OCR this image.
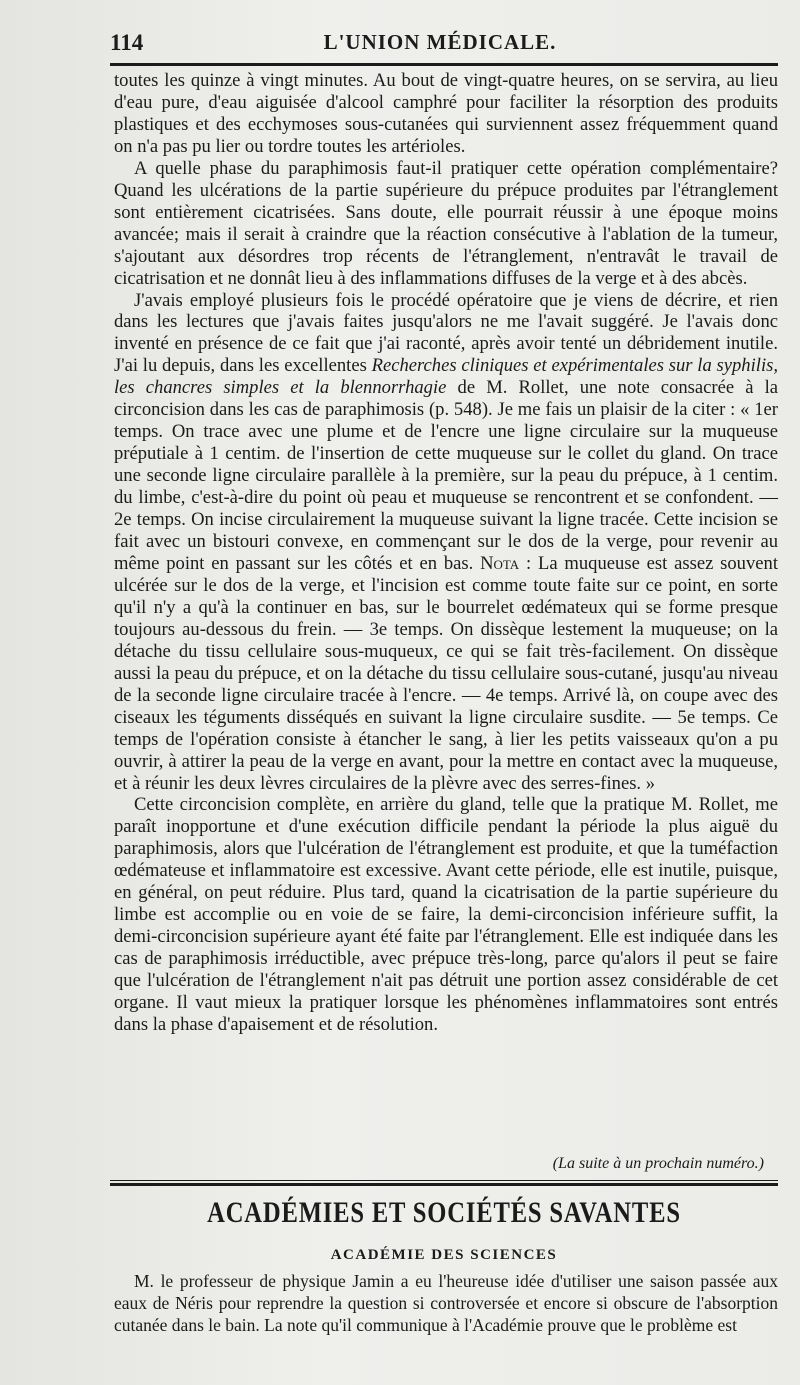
114	L'UNION MÉDICALE.

toutes les quinze à vingt minutes. Au bout de vingt-quatre heures, on se servira, au lieu d'eau pure, d'eau aiguisée d'alcool camphré pour faciliter la résorption des produits plastiques et des ecchymoses sous-cutanées qui surviennent assez fréquemment quand on n'a pas pu lier ou tordre toutes les artérioles.

A quelle phase du paraphimosis faut-il pratiquer cette opération complémentaire? Quand les ulcérations de la partie supérieure du prépuce produites par l'étranglement sont entièrement cicatrisées. Sans doute, elle pourrait réussir à une époque moins avancée; mais il serait à craindre que la réaction consécutive à l'ablation de la tumeur, s'ajoutant aux désordres trop récents de l'étranglement, n'entravât le travail de cicatrisation et ne donnât lieu à des inflammations diffuses de la verge et à des abcès.

J'avais employé plusieurs fois le procédé opératoire que je viens de décrire, et rien dans les lectures que j'avais faites jusqu'alors ne me l'avait suggéré. Je l'avais donc inventé en présence de ce fait que j'ai raconté, après avoir tenté un débridement inutile. J'ai lu depuis, dans les excellentes Recherches cliniques et expérimentales sur la syphilis, les chancres simples et la blennorrhagie de M. Rollet, une note consacrée à la circoncision dans les cas de paraphimosis (p. 548). Je me fais un plaisir de la citer : « 1er temps. On trace avec une plume et de l'encre une ligne circulaire sur la muqueuse préputiale à 1 centim. de l'insertion de cette muqueuse sur le collet du gland. On trace une seconde ligne circulaire parallèle à la première, sur la peau du prépuce, à 1 centim. du limbe, c'est-à-dire du point où peau et muqueuse se rencontrent et se confondent. — 2e temps. On incise circulairement la muqueuse suivant la ligne tracée. Cette incision se fait avec un bistouri convexe, en commençant sur le dos de la verge, pour revenir au même point en passant sur les côtés et en bas. Nota : La muqueuse est assez souvent ulcérée sur le dos de la verge, et l'incision est comme toute faite sur ce point, en sorte qu'il n'y a qu'à la continuer en bas, sur le bourrelet œdémateux qui se forme presque toujours au-dessous du frein. — 3e temps. On dissèque lestement la muqueuse; on la détache du tissu cellulaire sous-muqueux, ce qui se fait très-facilement. On dissèque aussi la peau du prépuce, et on la détache du tissu cellulaire sous-cutané, jusqu'au niveau de la seconde ligne circulaire tracée à l'encre. — 4e temps. Arrivé là, on coupe avec des ciseaux les téguments disséqués en suivant la ligne circulaire susdite. — 5e temps. Ce temps de l'opération consiste à étancher le sang, à lier les petits vaisseaux qu'on a pu ouvrir, à attirer la peau de la verge en avant, pour la mettre en contact avec la muqueuse, et à réunir les deux lèvres circulaires de la plèvre avec des serres-fines. »

Cette circoncision complète, en arrière du gland, telle que la pratique M. Rollet, me paraît inopportune et d'une exécution difficile pendant la période la plus aiguë du paraphimosis, alors que l'ulcération de l'étranglement est produite, et que la tuméfaction œdémateuse et inflammatoire est excessive. Avant cette période, elle est inutile, puisque, en général, on peut réduire. Plus tard, quand la cicatrisation de la partie supérieure du limbe est accomplie ou en voie de se faire, la demi-circoncision inférieure suffit, la demi-circoncision supérieure ayant été faite par l'étranglement. Elle est indiquée dans les cas de paraphimosis irréductible, avec prépuce très-long, parce qu'alors il peut se faire que l'ulcération de l'étranglement n'ait pas détruit une portion assez considérable de cet organe. Il vaut mieux la pratiquer lorsque les phénomènes inflammatoires sont entrés dans la phase d'apaisement et de résolution.

(La suite à un prochain numéro.)
ACADÉMIES ET SOCIÉTÉS SAVANTES
ACADÉMIE DES SCIENCES

M. le professeur de physique Jamin a eu l'heureuse idée d'utiliser une saison passée aux eaux de Néris pour reprendre la question si controversée et encore si obscure de l'absorption cutanée dans le bain. La note qu'il communique à l'Académie prouve que le problème est
